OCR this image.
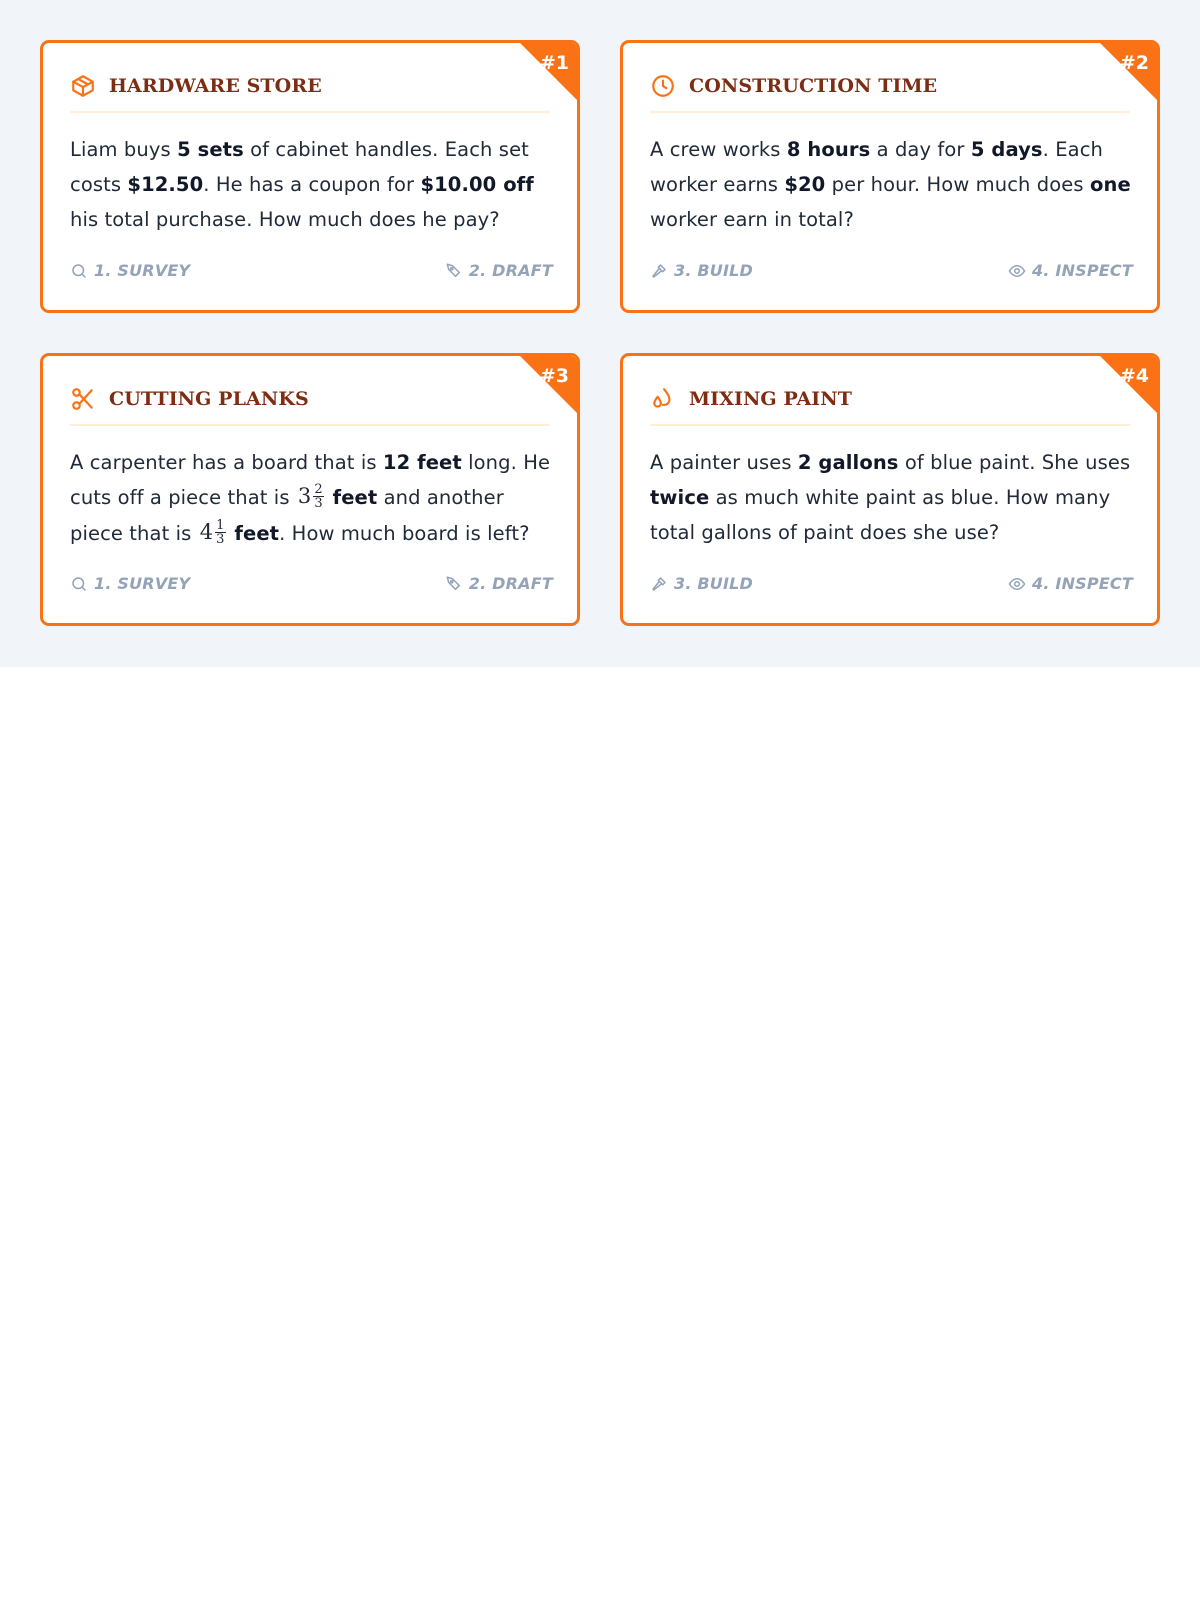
#1
HARDWARE STORE
Liam buys 5 sets of cabinet handles. Each set costs $12.50. He has a coupon for $10.00 off his total purchase. How much does he pay?
1. SURVEY	2. DRAFT
#2
CONSTRUCTION TIME
A crew works 8 hours a day for 5 days. Each worker earns $20 per hour. How much does one worker earn in total?
3. BUILD	4. INSPECT
#3
CUTTING PLANKS
A carpenter has a board that is 12 feet long. He cuts off a piece that is 3 2
3 feet and another piece that is 4 1
3 feet. How much board is left?
1. SURVEY	2. DRAFT
#4
MIXING PAINT
A painter uses 2 gallons of blue paint. She uses twice as much white paint as blue. How many total gallons of paint does she use?
3. BUILD	4. INSPECT
